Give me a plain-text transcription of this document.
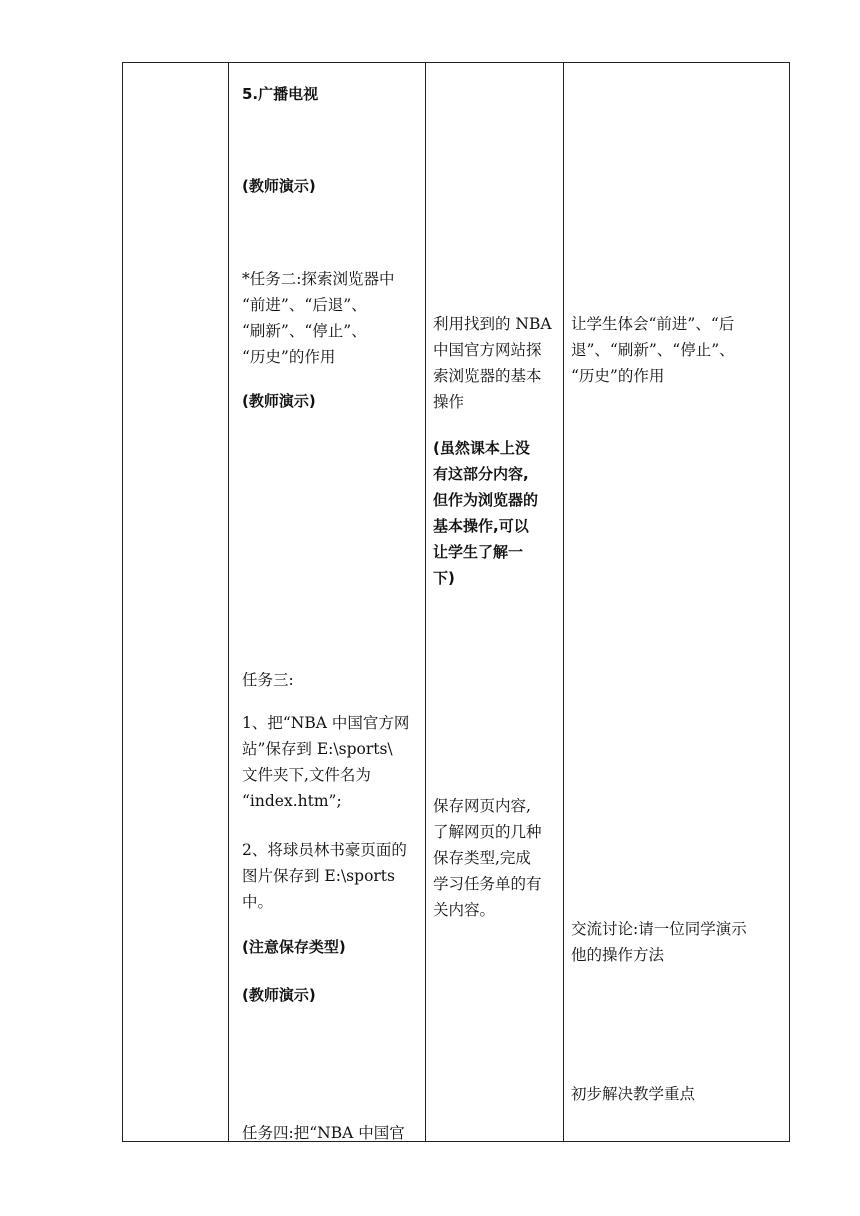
5.广播电视
(教师演示)
*任务二:探索浏览器中
“前进”、“后退”、
“刷新”、“停止”、
“历史”的作用
(教师演示)
任务三:
1、把“NBA 中国官方网
站”保存到 E:\sports\
文件夹下,文件名为
“index.htm”;
2、将球员林书豪页面的
图片保存到 E:\sports
中。
(注意保存类型)
(教师演示)
任务四:把“NBA 中国官
利用找到的 NBA
中国官方网站探
索浏览器的基本
操作
(虽然课本上没
有这部分内容,
但作为浏览器的
基本操作,可以
让学生了解一
下)
保存网页内容,
了解网页的几种
保存类型,完成
学习任务单的有
关内容。
让学生体会“前进”、“后
退”、“刷新”、“停止”、
“历史”的作用
交流讨论:请一位同学演示
他的操作方法
初步解决教学重点
